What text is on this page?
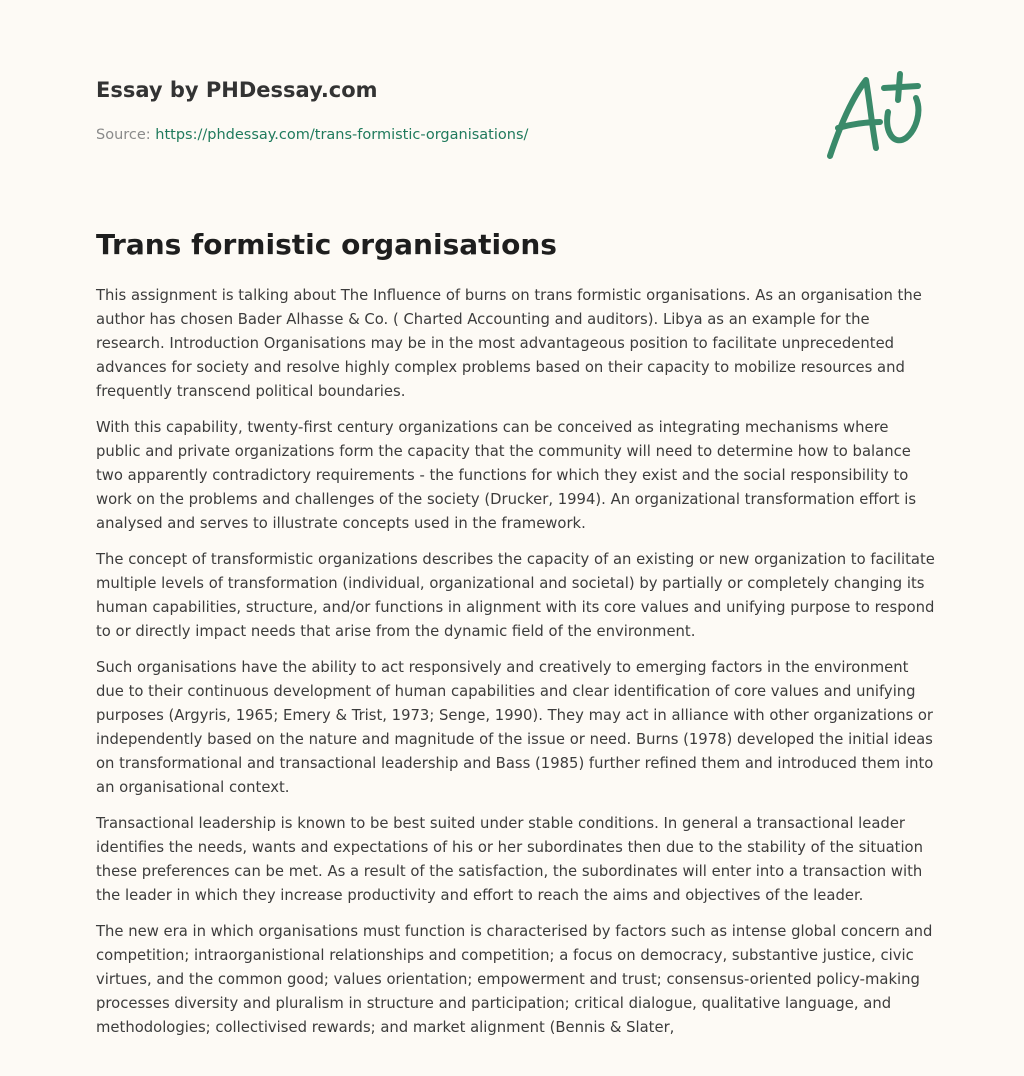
Essay by PHDessay.com
Source: https://phdessay.com/trans-formistic-organisations/
Trans formistic organisations

This assignment is talking about The Influence of burns on trans formistic organisations. As an organisation the author has chosen Bader Alhasse & Co. ( Charted Accounting and auditors). Libya as an example for the research. Introduction Organisations may be in the most advantageous position to facilitate unprecedented advances for society and resolve highly complex problems based on their capacity to mobilize resources and frequently transcend political boundaries.

With this capability, twenty-first century organizations can be conceived as integrating mechanisms where public and private organizations form the capacity that the community will need to determine how to balance two apparently contradictory requirements - the functions for which they exist and the social responsibility to work on the problems and challenges of the society (Drucker, 1994). An organizational transformation effort is analysed and serves to illustrate concepts used in the framework.

The concept of transformistic organizations describes the capacity of an existing or new organization to facilitate multiple levels of transformation (individual, organizational and societal) by partially or completely changing its human capabilities, structure, and/or functions in alignment with its core values and unifying purpose to respond to or directly impact needs that arise from the dynamic field of the environment.

Such organisations have the ability to act responsively and creatively to emerging factors in the environment due to their continuous development of human capabilities and clear identification of core values and unifying purposes (Argyris, 1965; Emery & Trist, 1973; Senge, 1990). They may act in alliance with other organizations or independently based on the nature and magnitude of the issue or need. Burns (1978) developed the initial ideas on transformational and transactional leadership and Bass (1985) further refined them and introduced them into an organisational context.

Transactional leadership is known to be best suited under stable conditions. In general a transactional leader identifies the needs, wants and expectations of his or her subordinates then due to the stability of the situation these preferences can be met. As a result of the satisfaction, the subordinates will enter into a transaction with the leader in which they increase productivity and effort to reach the aims and objectives of the leader.

The new era in which organisations must function is characterised by factors such as intense global concern and competition; intraorganistional relationships and competition; a focus on democracy, substantive justice, civic virtues, and the common good; values orientation; empowerment and trust; consensus-oriented policy-making processes diversity and pluralism in structure and participation; critical dialogue, qualitative language, and methodologies; collectivised rewards; and market alignment (Bennis & Slater,
